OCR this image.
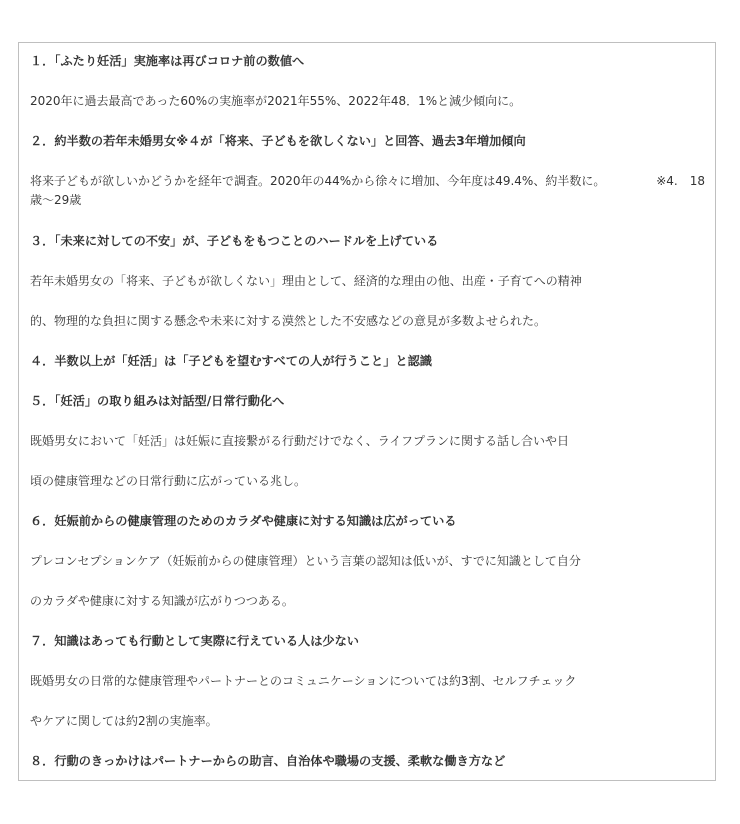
１．「ふたり妊活」実施率は再びコロナ前の数値へ
2020年に過去最高であった60%の実施率が2021年55%、2022年48．1%と減少傾向に。
２．約半数の若年未婚男女※４が「将来、子どもを欲しくない」と回答、過去3年増加傾向
将来子どもが欲しいかどうかを経年で調査。2020年の44%から徐々に増加、今年度は49.4%、約半数に。	※4.　18
歳〜29歳
３．「未来に対しての不安」が、子どもをもつことのハードルを上げている
若年未婚男女の「将来、子どもが欲しくない」理由として、経済的な理由の他、出産・子育てへの精神
的、物理的な負担に関する懸念や未来に対する漠然とした不安感などの意見が多数よせられた。
４．半数以上が「妊活」は「子どもを望むすべての人が行うこと」と認識
５．「妊活」の取り組みは対話型/日常行動化へ
既婚男女において「妊活」は妊娠に直接繋がる行動だけでなく、ライフプランに関する話し合いや日
頃の健康管理などの日常行動に広がっている兆し。
６．妊娠前からの健康管理のためのカラダや健康に対する知識は広がっている
プレコンセプションケア（妊娠前からの健康管理）という言葉の認知は低いが、すでに知識として自分
のカラダや健康に対する知識が広がりつつある。
７．知識はあっても行動として実際に行えている人は少ない
既婚男女の日常的な健康管理やパートナーとのコミュニケーションについては約3割、セルフチェック
やケアに関しては約2割の実施率。
８．行動のきっかけはパートナーからの助言、自治体や職場の支援、柔軟な働き方など
